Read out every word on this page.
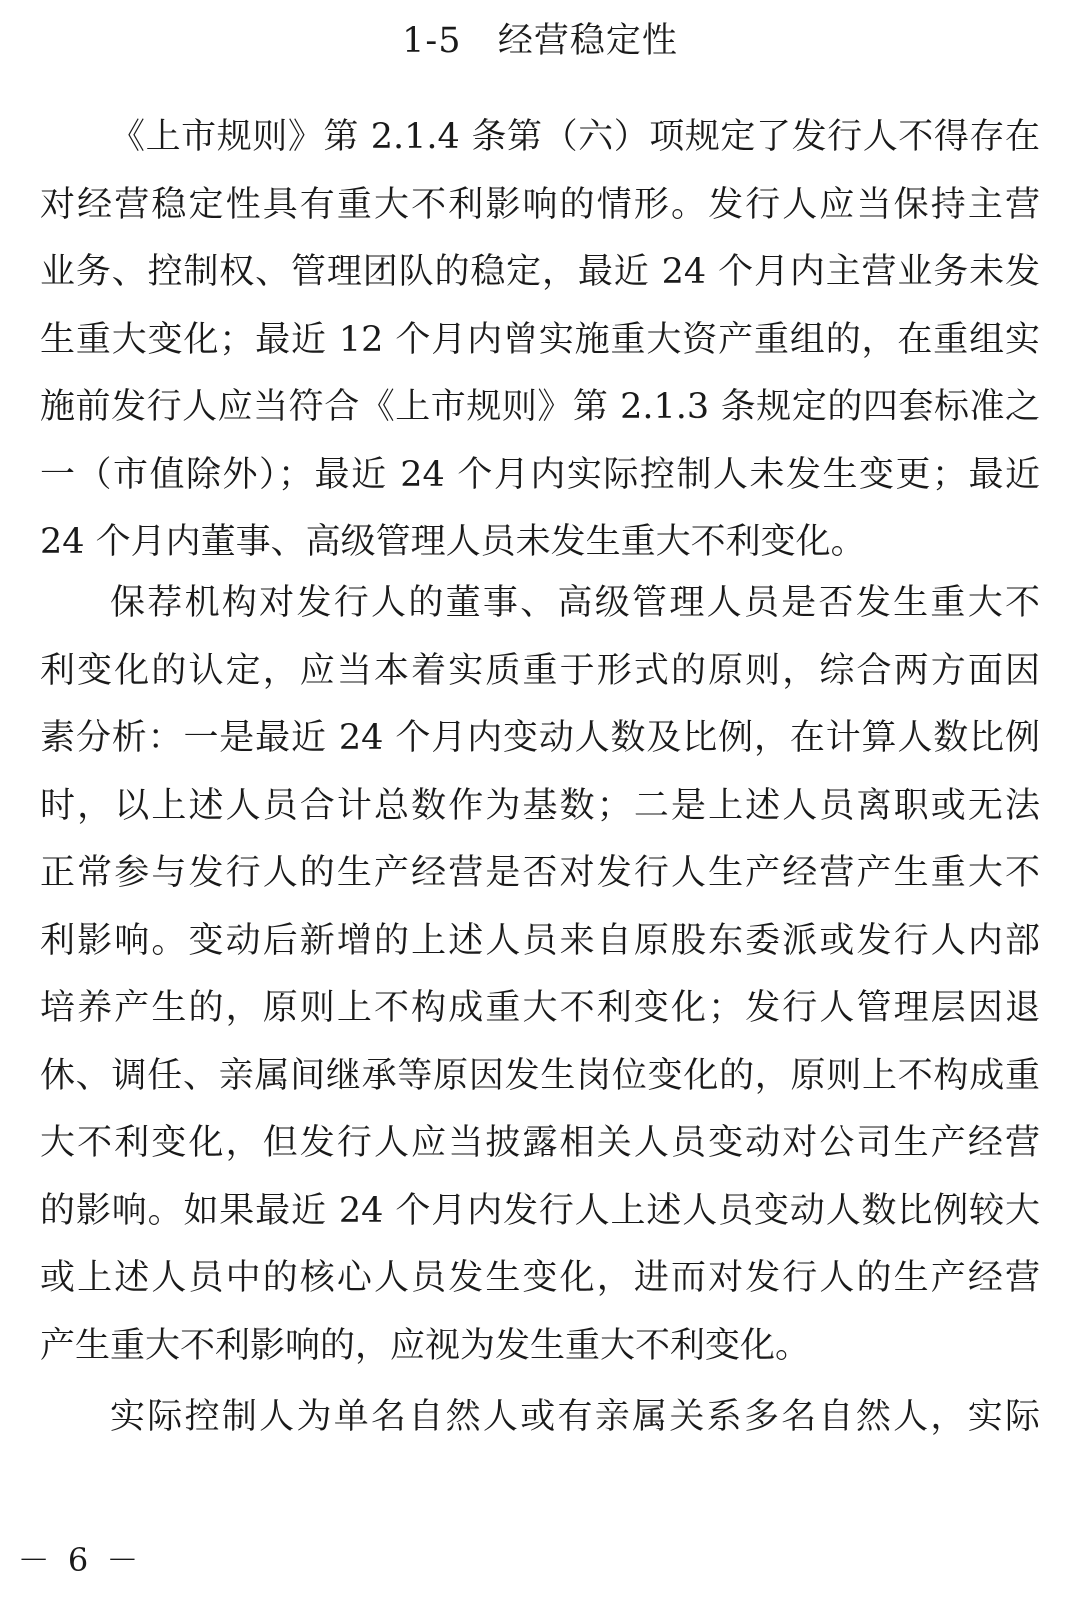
1-5   经营稳定性
《上市规则》第 2.1.4 条第（六）项规定了发行人不得存在
对经营稳定性具有重大不利影响的情形。发行人应当保持主营
业务、控制权、管理团队的稳定，最近 24 个月内主营业务未发
生重大变化；最近 12 个月内曾实施重大资产重组的，在重组实
施前发行人应当符合《上市规则》第 2.1.3 条规定的四套标准之
一（市值除外）；最近 24 个月内实际控制人未发生变更；最近
24 个月内董事、高级管理人员未发生重大不利变化。
保荐机构对发行人的董事、高级管理人员是否发生重大不
利变化的认定，应当本着实质重于形式的原则，综合两方面因
素分析：一是最近 24 个月内变动人数及比例，在计算人数比例
时，以上述人员合计总数作为基数；二是上述人员离职或无法
正常参与发行人的生产经营是否对发行人生产经营产生重大不
利影响。变动后新增的上述人员来自原股东委派或发行人内部
培养产生的，原则上不构成重大不利变化；发行人管理层因退
休、调任、亲属间继承等原因发生岗位变化的，原则上不构成重
大不利变化，但发行人应当披露相关人员变动对公司生产经营
的影响。如果最近 24 个月内发行人上述人员变动人数比例较大
或上述人员中的核心人员发生变化，进而对发行人的生产经营
产生重大不利影响的，应视为发生重大不利变化。
实际控制人为单名自然人或有亲属关系多名自然人，实际
－ 6 －
